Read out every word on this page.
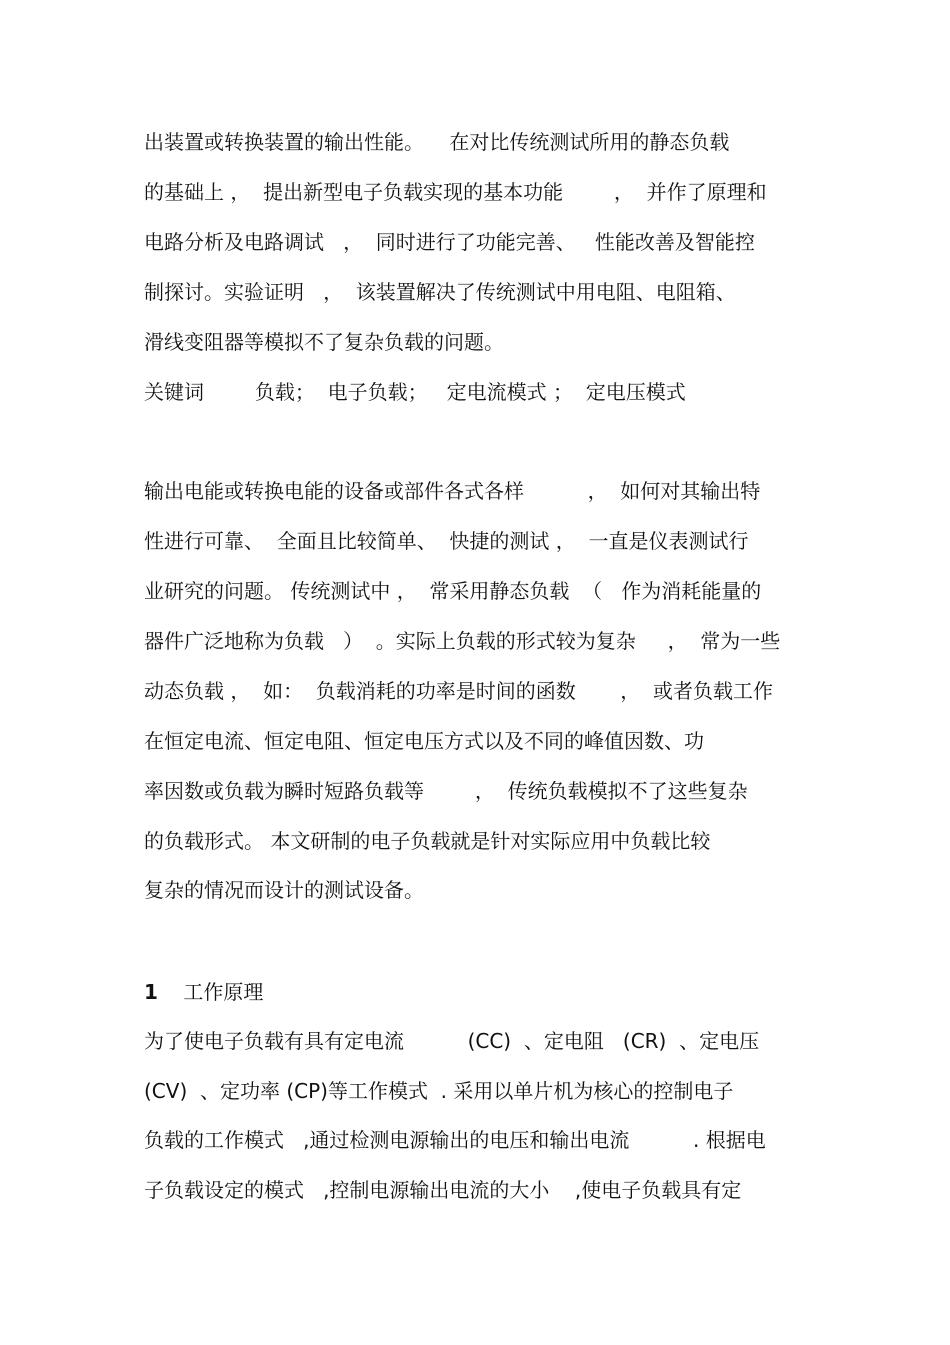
出装置或转换装置的输出性能。    在对比传统测试所用的静态负载

的基础上 ，  提出新型电子负载实现的基本功能        ，  并作了原理和

电路分析及电路调试   ，  同时进行了功能完善、   性能改善及智能控

制探讨。实验证明   ，  该装置解决了传统测试中用电阻、电阻箱、

滑线变阻器等模拟不了复杂负载的问题。

关键词        负载；  电子负载；   定电流模式 ；  定电压模式

输出电能或转换电能的设备或部件各式各样          ，  如何对其输出特

性进行可靠、  全面且比较简单、  快捷的测试 ，  一直是仪表测试行

业研究的问题。 传统测试中 ，  常采用静态负载  （   作为消耗能量的

器件广泛地称为负载   ）  。实际上负载的形式较为复杂     ，  常为一些

动态负载 ，  如：  负载消耗的功率是时间的函数       ，  或者负载工作

在恒定电流、恒定电阻、恒定电压方式以及不同的峰值因数、功

率因数或负载为瞬时短路负载等        ，  传统负载模拟不了这些复杂

的负载形式。 本文研制的电子负载就是针对实际应用中负载比较

复杂的情况而设计的测试设备。

1 工作原理

为了使电子负载有具有定电流          (CC)  、定电阻   (CR)  、定电压

(CV)  、定功率 (CP)等工作模式  . 采用以单片机为核心的控制电子

负载的工作模式   ,通过检测电源输出的电压和输出电流          . 根据电

子负载设定的模式   ,控制电源输出电流的大小    ,使电子负载具有定
